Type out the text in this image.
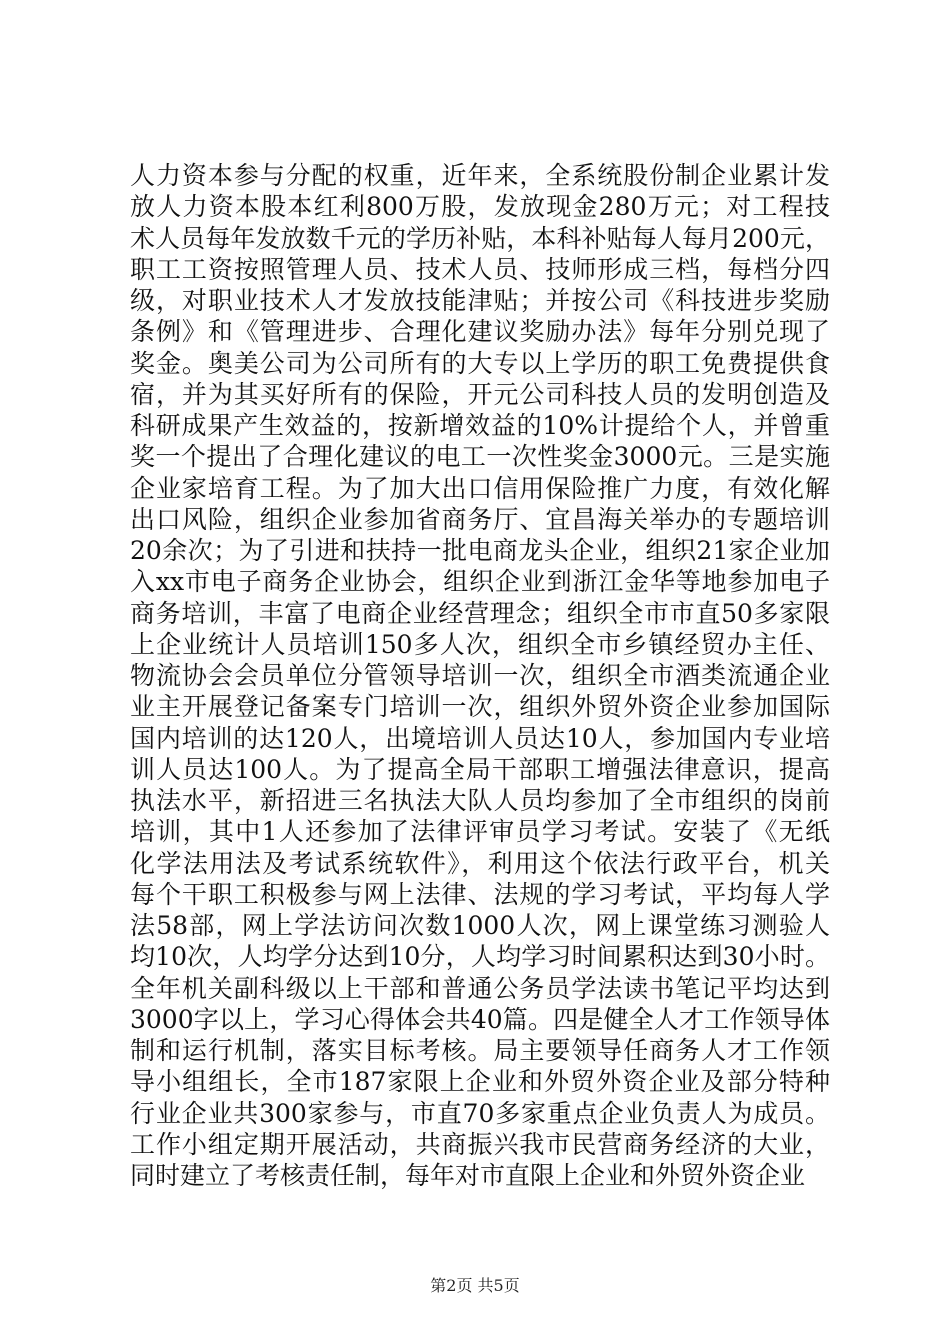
人力资本参与分配的权重，近年来，全系统股份制企业累计发
放人力资本股本红利800万股，发放现金280万元；对工程技
术人员每年发放数千元的学历补贴，本科补贴每人每月200元，
职工工资按照管理人员、技术人员、技师形成三档，每档分四
级，对职业技术人才发放技能津贴；并按公司《科技进步奖励
条例》和《管理进步、合理化建议奖励办法》每年分别兑现了
奖金。奥美公司为公司所有的大专以上学历的职工免费提供食
宿，并为其买好所有的保险，开元公司科技人员的发明创造及
科研成果产生效益的，按新增效益的10%计提给个人，并曾重
奖一个提出了合理化建议的电工一次性奖金3000元。三是实施
企业家培育工程。为了加大出口信用保险推广力度，有效化解
出口风险，组织企业参加省商务厅、宜昌海关举办的专题培训
20余次；为了引进和扶持一批电商龙头企业，组织21家企业加
入xx市电子商务企业协会，组织企业到浙江金华等地参加电子
商务培训，丰富了电商企业经营理念；组织全市市直50多家限
上企业统计人员培训150多人次，组织全市乡镇经贸办主任、
物流协会会员单位分管领导培训一次，组织全市酒类流通企业
业主开展登记备案专门培训一次，组织外贸外资企业参加国际
国内培训的达120人，出境培训人员达10人，参加国内专业培
训人员达100人。为了提高全局干部职工增强法律意识，提高
执法水平，新招进三名执法大队人员均参加了全市组织的岗前
培训，其中1人还参加了法律评审员学习考试。安装了《无纸
化学法用法及考试系统软件》，利用这个依法行政平台，机关
每个干职工积极参与网上法律、法规的学习考试，平均每人学
法58部，网上学法访问次数1000人次，网上课堂练习测验人
均10次，人均学分达到10分，人均学习时间累积达到30小时。
全年机关副科级以上干部和普通公务员学法读书笔记平均达到
3000字以上，学习心得体会共40篇。四是健全人才工作领导体
制和运行机制，落实目标考核。局主要领导任商务人才工作领
导小组组长，全市187家限上企业和外贸外资企业及部分特种
行业企业共300家参与，市直70多家重点企业负责人为成员。
工作小组定期开展活动，共商振兴我市民营商务经济的大业，
同时建立了考核责任制，每年对市直限上企业和外贸外资企业
第2页 共5页
